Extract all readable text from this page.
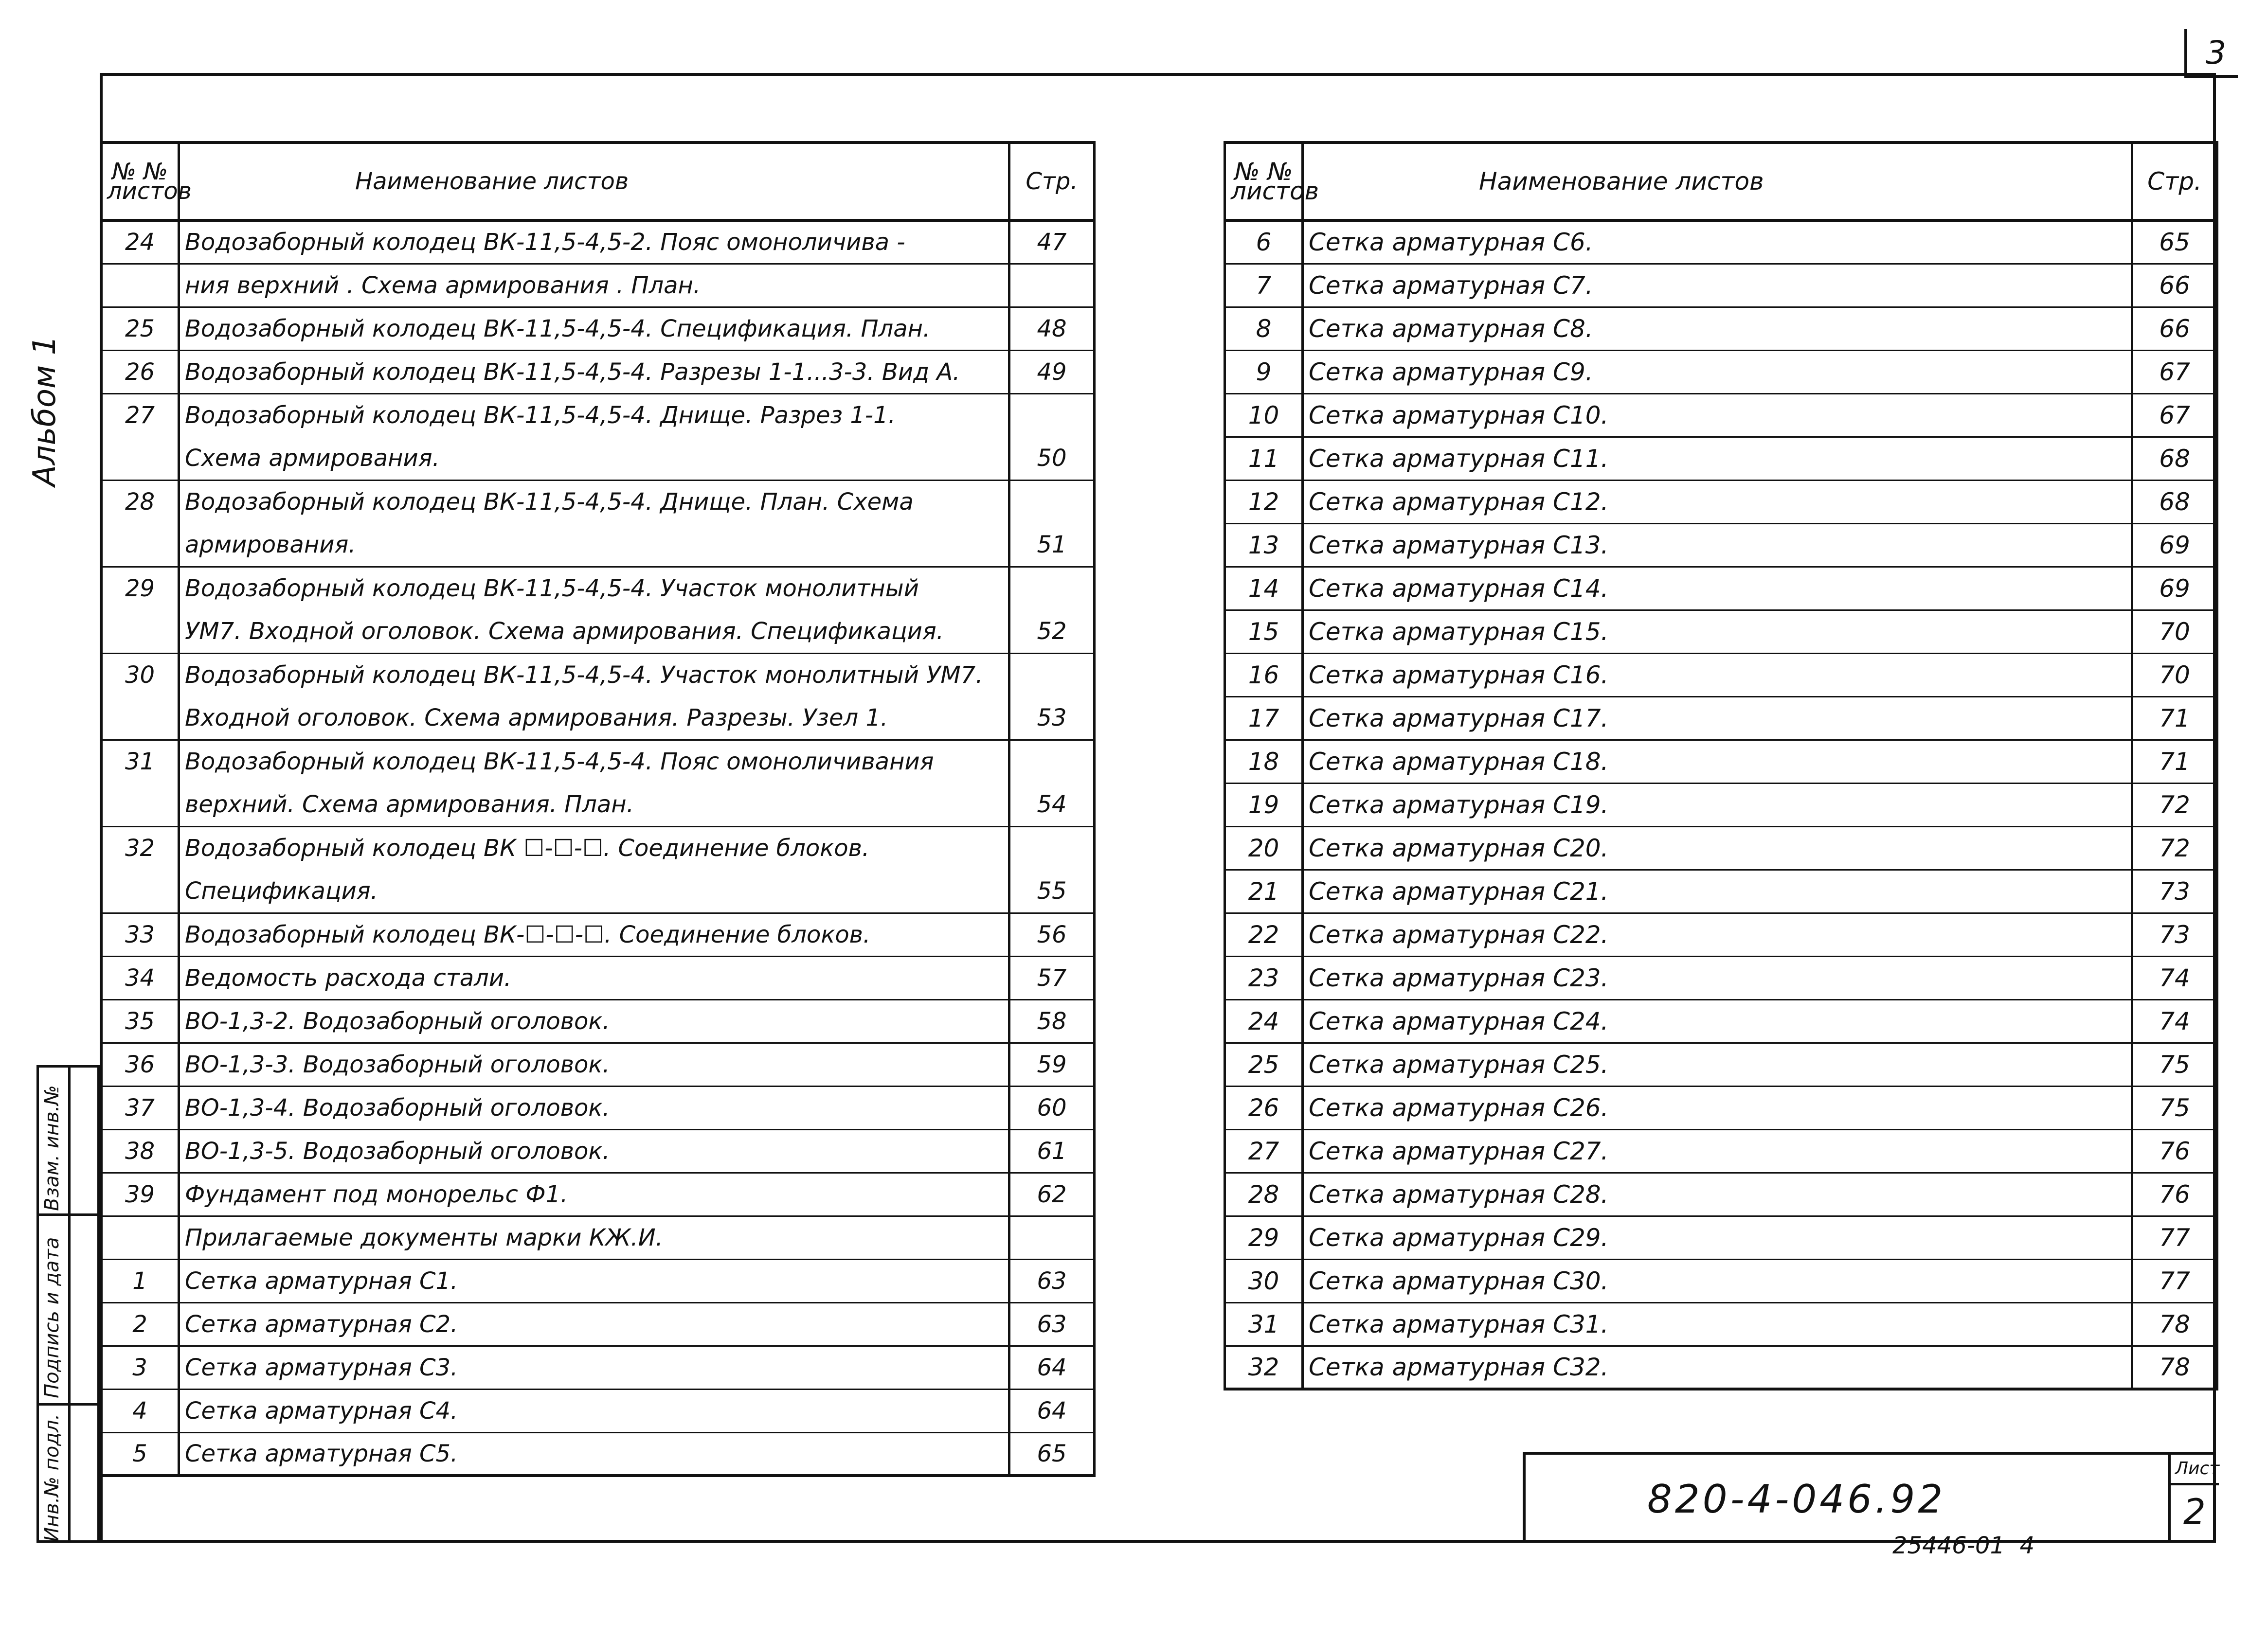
3
Альбом 1
Взам. инв.№
Подпись и дата
Инв.№ подл.
№ № листов	Наименование листов	Стр.
24	Водозаборный колодец ВК-11,5-4,5-2. Пояс омоноличива -	47
	ния верхний . Схема армирования . План.	
25	Водозаборный колодец ВК-11,5-4,5-4. Спецификация. План.	48
26	Водозаборный колодец ВК-11,5-4,5-4. Разрезы 1-1...3-3. Вид А.	49
27	Водозаборный колодец ВК-11,5-4,5-4. Днище. Разрез 1-1.	
	Схема армирования.	50
28	Водозаборный колодец ВК-11,5-4,5-4. Днище. План. Схема	
	армирования.	51
29	Водозаборный колодец ВК-11,5-4,5-4. Участок монолитный	
	УМ7. Входной оголовок. Схема армирования. Спецификация.	52
30	Водозаборный колодец ВК-11,5-4,5-4. Участок монолитный УМ7.	
	Входной оголовок. Схема армирования. Разрезы. Узел 1.	53
31	Водозаборный колодец ВК-11,5-4,5-4. Пояс омоноличивания	
	верхний. Схема армирования. План.	54
32	Водозаборный колодец ВК ☐-☐-☐. Соединение блоков.	
	Спецификация.	55
33	Водозаборный колодец ВК-☐-☐-☐. Соединение блоков.	56
34	Ведомость расхода стали.	57
35	ВО-1,3-2. Водозаборный оголовок.	58
36	ВО-1,3-3. Водозаборный оголовок.	59
37	ВО-1,3-4. Водозаборный оголовок.	60
38	ВО-1,3-5. Водозаборный оголовок.	61
39	Фундамент под монорельс Ф1.	62
	Прилагаемые документы марки КЖ.И.	
1	Сетка арматурная С1.	63
2	Сетка арматурная С2.	63
3	Сетка арматурная С3.	64
4	Сетка арматурная С4.	64
5	Сетка арматурная С5.	65
№ № листов	Наименование листов	Стр.
6	Сетка арматурная С6.	65
7	Сетка арматурная С7.	66
8	Сетка арматурная С8.	66
9	Сетка арматурная С9.	67
10	Сетка арматурная С10.	67
11	Сетка арматурная С11.	68
12	Сетка арматурная С12.	68
13	Сетка арматурная С13.	69
14	Сетка арматурная С14.	69
15	Сетка арматурная С15.	70
16	Сетка арматурная С16.	70
17	Сетка арматурная С17.	71
18	Сетка арматурная С18.	71
19	Сетка арматурная С19.	72
20	Сетка арматурная С20.	72
21	Сетка арматурная С21.	73
22	Сетка арматурная С22.	73
23	Сетка арматурная С23.	74
24	Сетка арматурная С24.	74
25	Сетка арматурная С25.	75
26	Сетка арматурная С26.	75
27	Сетка арматурная С27.	76
28	Сетка арматурная С28.	76
29	Сетка арматурная С29.	77
30	Сетка арматурная С30.	77
31	Сетка арматурная С31.	78
32	Сетка арматурная С32.	78
820-4-046.92
Лист
2
25446-01  4
